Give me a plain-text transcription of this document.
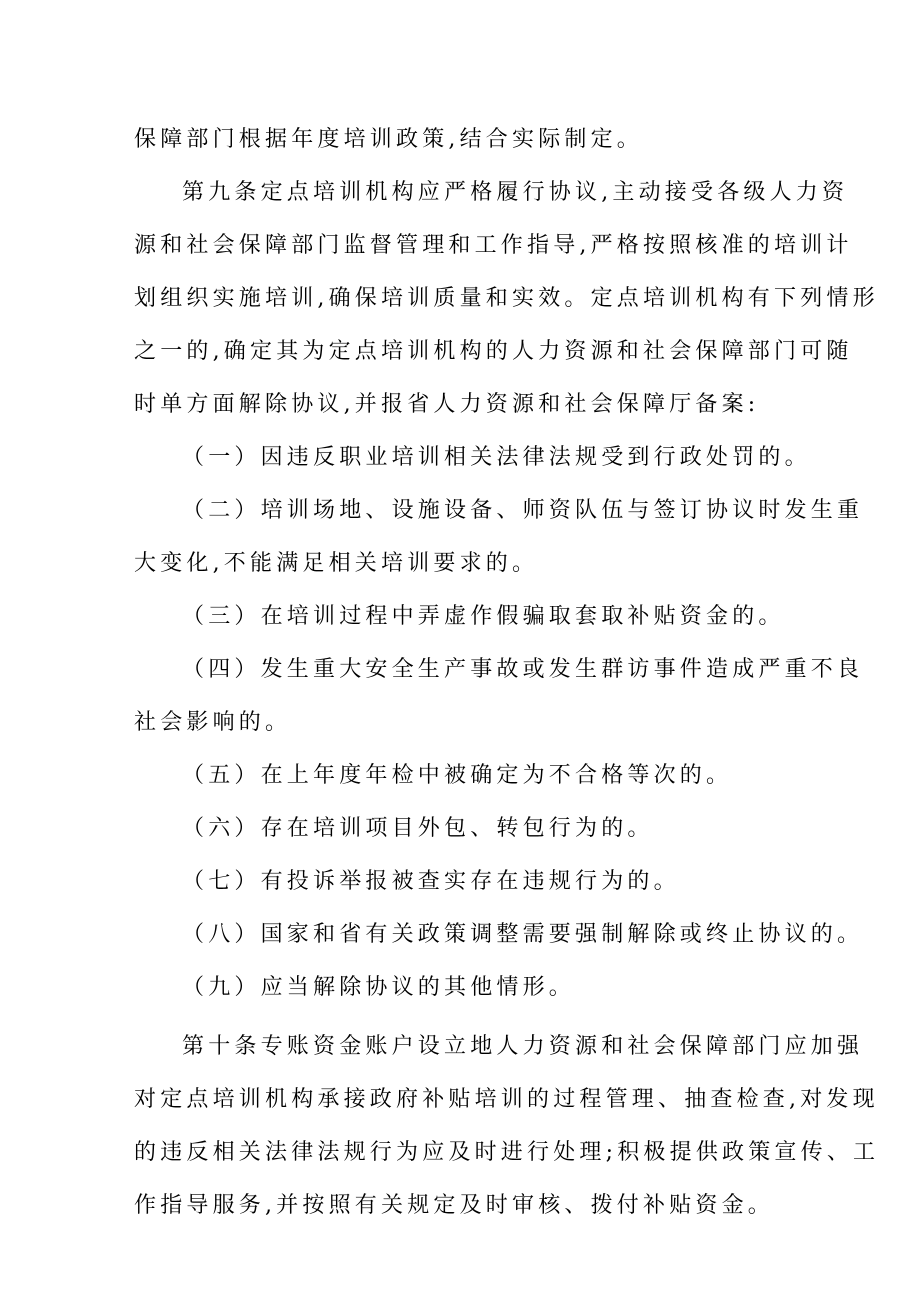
保障部门根据年度培训政策,结合实际制定。
第九条定点培训机构应严格履行协议,主动接受各级人力资
源和社会保障部门监督管理和工作指导,严格按照核准的培训计
划组织实施培训,确保培训质量和实效。定点培训机构有下列情形
之一的,确定其为定点培训机构的人力资源和社会保障部门可随
时单方面解除协议,并报省人力资源和社会保障厅备案:
（一）因违反职业培训相关法律法规受到行政处罚的。
（二）培训场地、设施设备、师资队伍与签订协议时发生重
大变化,不能满足相关培训要求的。
（三）在培训过程中弄虚作假骗取套取补贴资金的。
（四）发生重大安全生产事故或发生群访事件造成严重不良
社会影响的。
（五）在上年度年检中被确定为不合格等次的。
（六）存在培训项目外包、转包行为的。
（七）有投诉举报被查实存在违规行为的。
（八）国家和省有关政策调整需要强制解除或终止协议的。
（九）应当解除协议的其他情形。
第十条专账资金账户设立地人力资源和社会保障部门应加强
对定点培训机构承接政府补贴培训的过程管理、抽查检查,对发现
的违反相关法律法规行为应及时进行处理;积极提供政策宣传、工
作指导服务,并按照有关规定及时审核、拨付补贴资金。
